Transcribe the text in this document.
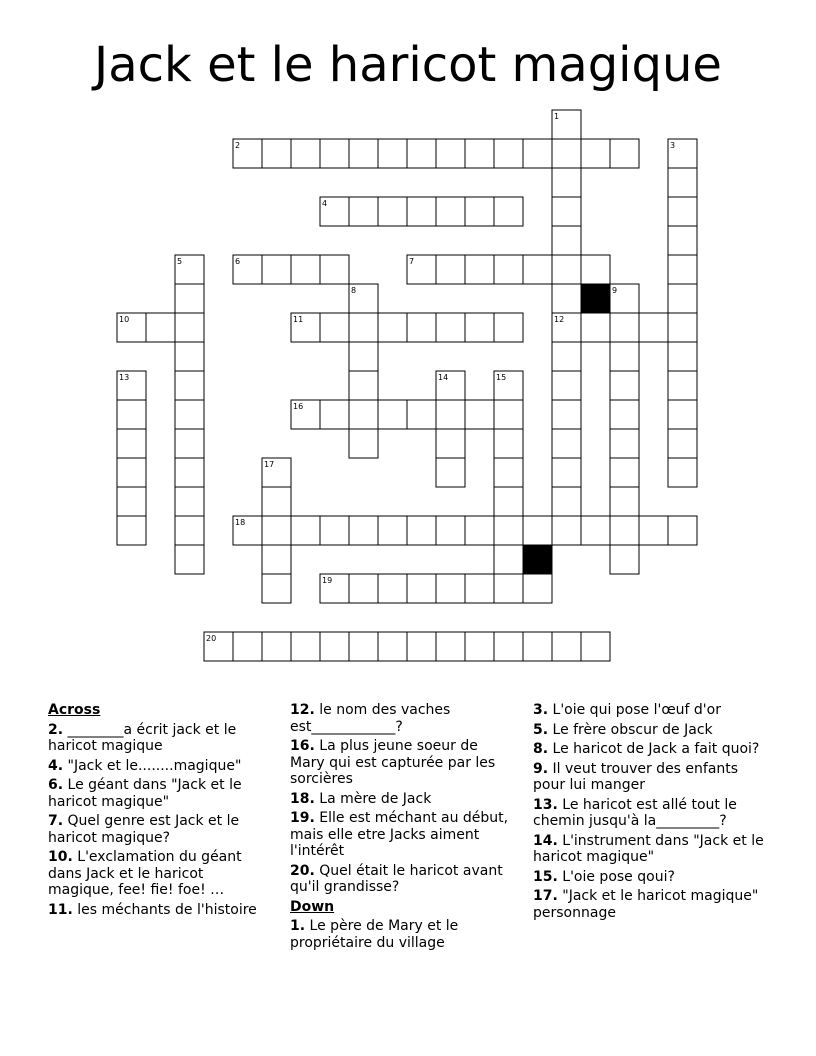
Jack et le haricot magique
1
2	3
4
5	6	7
8	9
10	11	12
13	14	15
16
17
18
19
20
Across
2. ________a écrit jack et le haricot magique
4. "Jack et le........magique"
6. Le géant dans "Jack et le haricot magique"
7. Quel genre est Jack et le haricot magique?
10. L'exclamation du géant dans Jack et le haricot magique, fee! fie! foe! …
11. les méchants de l'histoire
12. le nom des vaches est____________?
16. La plus jeune soeur de Mary qui est capturée par les sorcières
18. La mère de Jack
19. Elle est méchant au début, mais elle etre Jacks aiment l'intérêt
20. Quel était le haricot avant qu'il grandisse?
Down
1. Le père de Mary et le propriétaire du village
3. L'oie qui pose l'œuf d'or
5. Le frère obscur de Jack
8. Le haricot de Jack a fait quoi?
9. Il veut trouver des enfants pour lui manger
13. Le haricot est allé tout le chemin jusqu'à la_________?
14. L'instrument dans "Jack et le haricot magique"
15. L'oie pose qoui?
17. "Jack et le haricot magique" personnage
